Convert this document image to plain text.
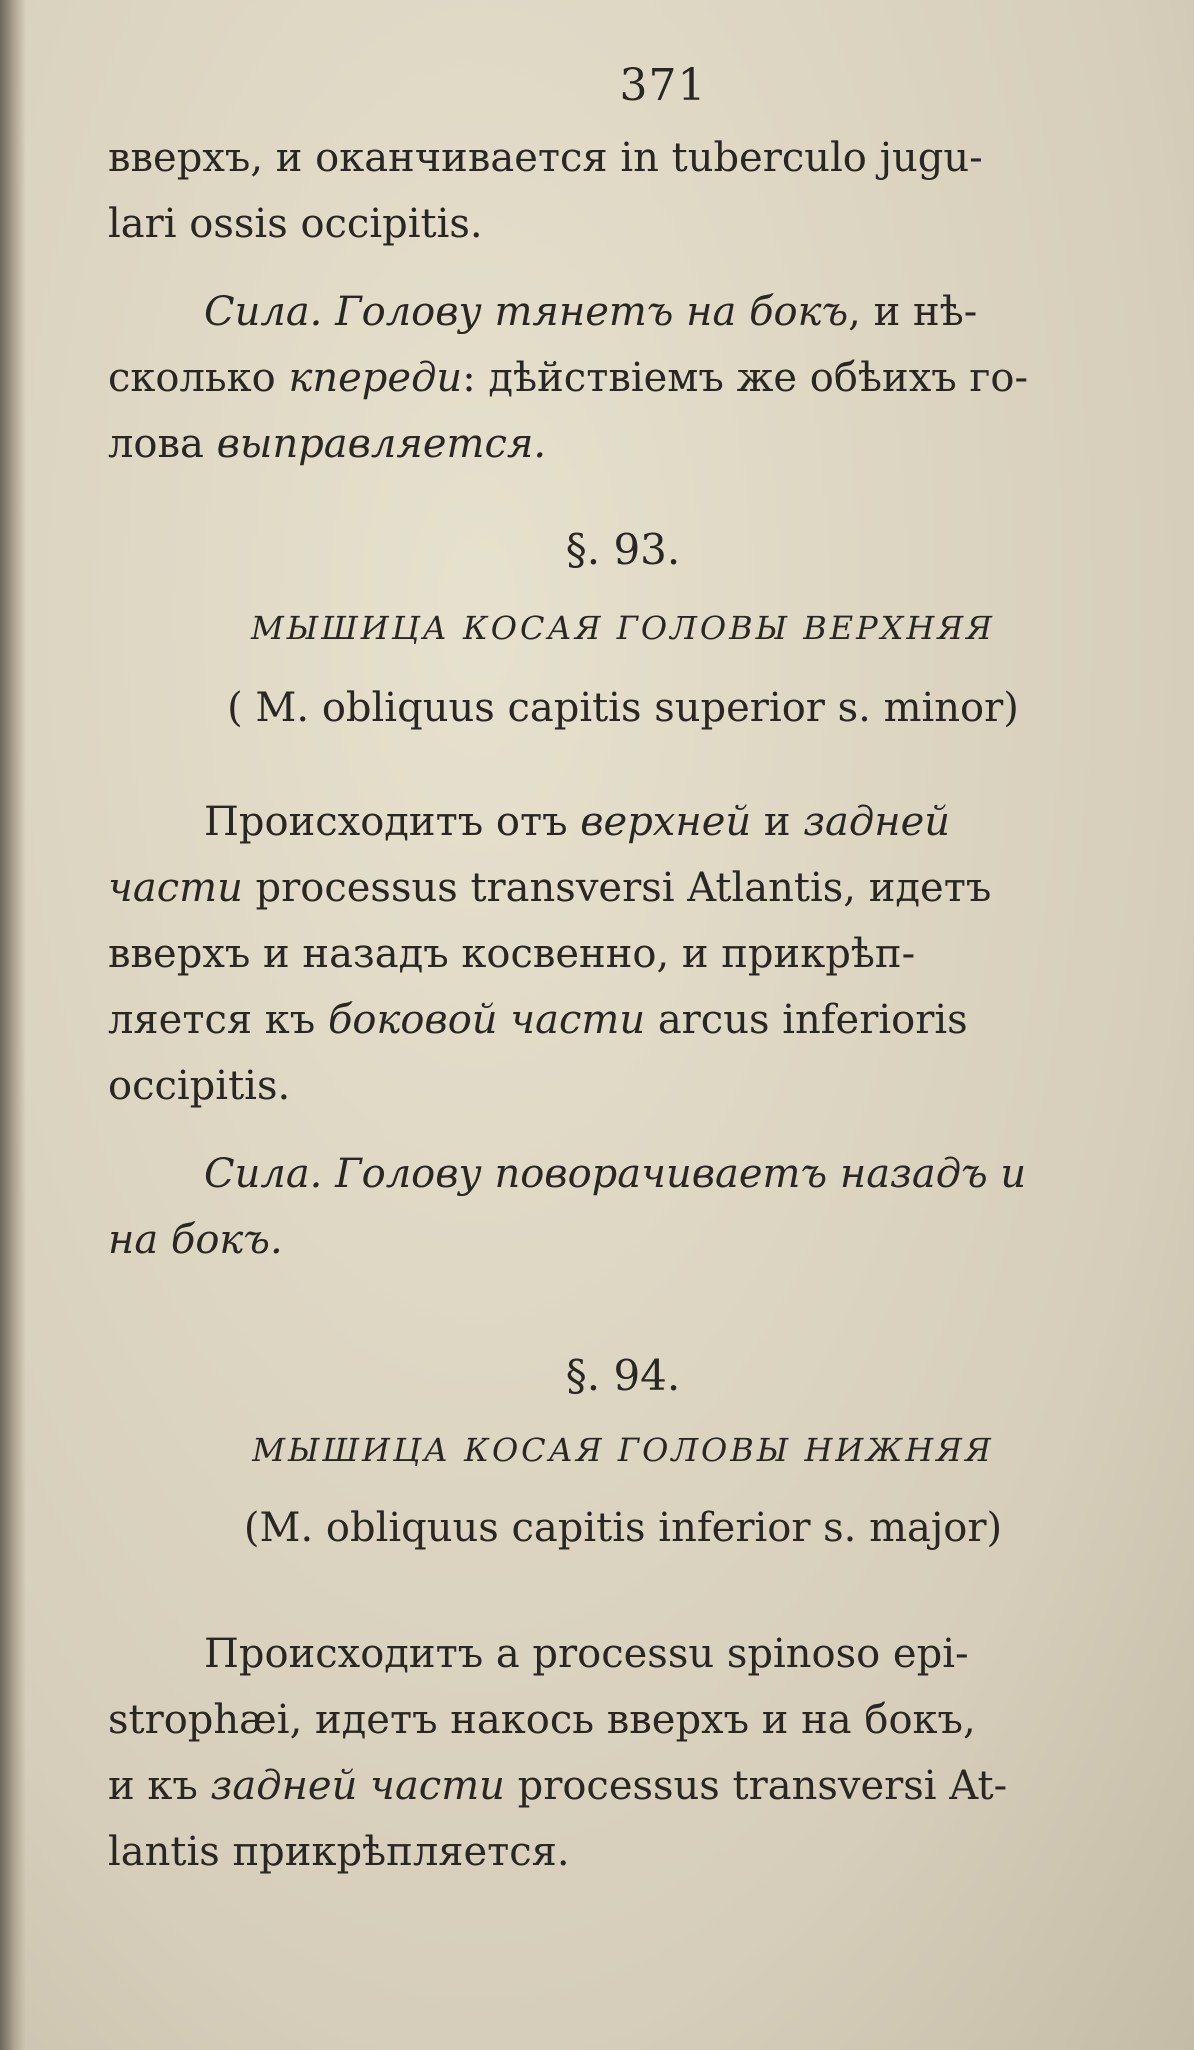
371

вверхъ, и оканчивается in tuberculo jugu-

lari ossis occipitis.

Сила. Голову тянетъ на бокъ, и нѣ-
сколько кпереди: дѣйствiемъ же обѣихъ го-
лова выправляется.

§. 93.

МЫШИЦА КОСАЯ ГОЛОВЫ ВЕРХНЯЯ

( M. obliquus capitis superior s. minor)

Происходитъ отъ верхней и задней
части processus transversi Atlantis, идетъ
вверхъ и назадъ косвенно, и прикрѣп-
ляется къ боковой части arcus inferioris
occipitis.

Сила. Голову поворачиваетъ назадъ и
на бокъ.

§. 94.

МЫШИЦА КОСАЯ ГОЛОВЫ НИЖНЯЯ

(M. obliquus capitis inferior s. major)

Происходитъ a processu spinoso epi-
strophæi, идетъ накось вверхъ и на бокъ,
и къ задней части processus transversi At-
lantis прикрѣпляется.
